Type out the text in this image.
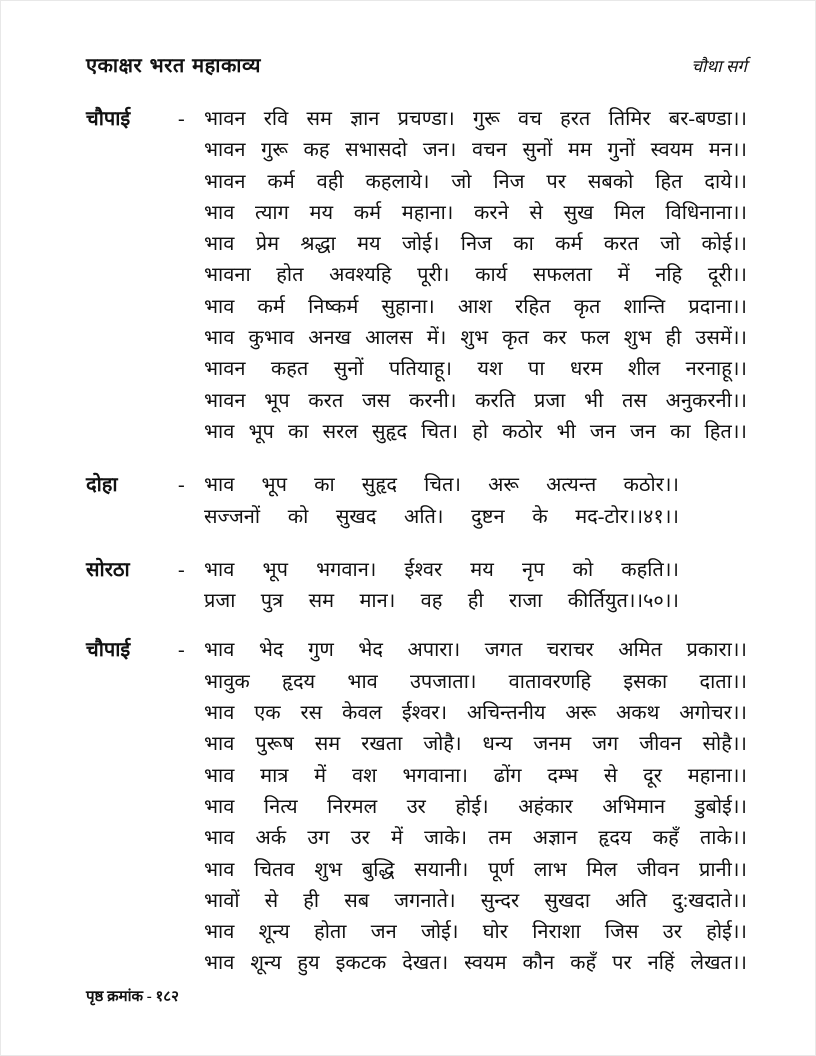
एकाक्षर भरत महाकाव्य	चौथा सर्ग
चौपाई - भावन रवि सम ज्ञान प्रचण्डा। गुरू वच हरत तिमिर बर-बण्डा।।
भावन गुरू कह सभासदो जन। वचन सुनों मम गुनों स्वयम मन।।
भावन कर्म वही कहलाये। जो निज पर सबको हित दाये।।
भाव त्याग मय कर्म महाना। करने से सुख मिल विधिनाना।।
भाव प्रेम श्रद्धा मय जोई। निज का कर्म करत जो कोई।।
भावना होत अवश्यहि पूरी। कार्य सफलता में नहि दूरी।।
भाव कर्म निष्कर्म सुहाना। आश रहित कृत शान्ति प्रदाना।।
भाव कुभाव अनख आलस में। शुभ कृत कर फल शुभ ही उसमें।।
भावन कहत सुनों पतियाहू। यश पा धरम शील नरनाहू।।
भावन भूप करत जस करनी। करति प्रजा भी तस अनुकरनी।।
भाव भूप का सरल सुहृद चित। हो कठोर भी जन जन का हित।।
दोहा	- भाव भूप का सुहृद चित। अरू अत्यन्त कठोर।।
सज्जनों को सुखद अति। दुष्टन के मद-टोर।।४१।।
सोरठा - भाव भूप भगवान। ईश्वर मय नृप को कहति।।
प्रजा पुत्र सम मान। वह ही राजा कीर्तियुत।।५०।।
चौपाई - भाव भेद गुण भेद अपारा। जगत चराचर अमित प्रकारा।।
भावुक हृदय भाव उपजाता। वातावरणहि इसका दाता।।
भाव एक रस केवल ईश्वर। अचिन्तनीय अरू अकथ अगोचर।।
भाव पुरूष सम रखता जोहै। धन्य जनम जग जीवन सोहै।।
भाव मात्र में वश भगवाना। ढोंग दम्भ से दूर महाना।।
भाव नित्य निरमल उर होई। अहंकार अभिमान डुबोई।।
भाव अर्क उग उर में जाके। तम अज्ञान हृदय कहँ ताके।।
भाव चितव शुभ बुद्धि सयानी। पूर्ण लाभ मिल जीवन प्रानी।।
भावों से ही सब जगनाते। सुन्दर सुखदा अति दु:खदाते।।
भाव शून्य होता जन जोई। घोर निराशा जिस उर होई।।
भाव शून्य हुय इकटक देखत। स्वयम कौन कहँ पर नहिं लेखत।।
पृष्ठ क्रमांक - १८२
